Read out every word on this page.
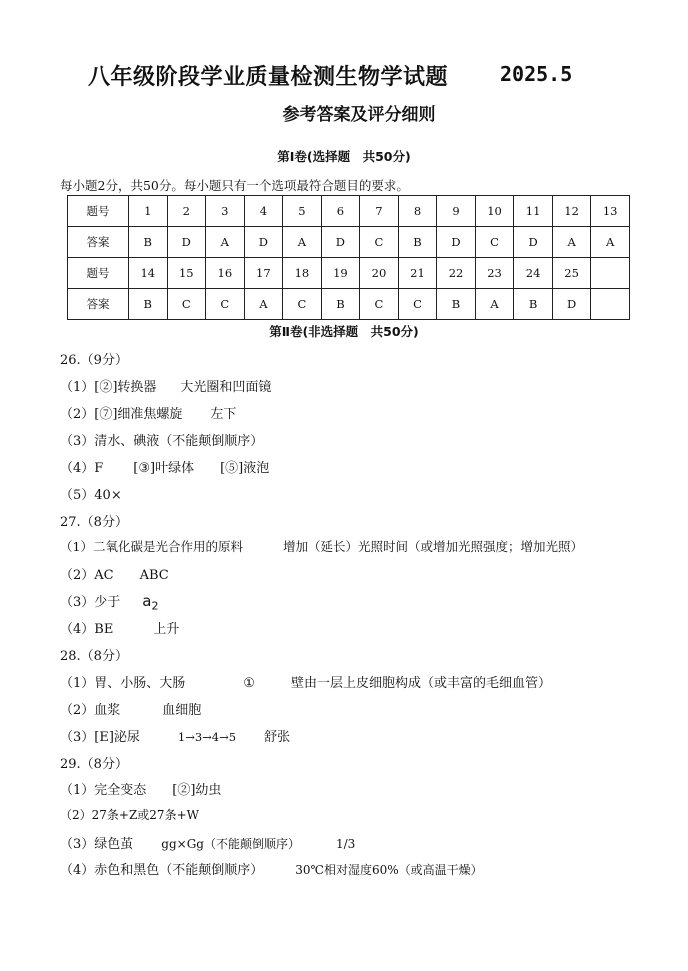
八年级阶段学业质量检测生物学试题	2025.5
参考答案及评分细则
第Ⅰ卷(选择题　共50分)
每小题2分，共50分。每小题只有一个选项最符合题目的要求。
题号	1	2	3	4	5	6	7	8	9	10	11	12	13
答案	B	D	A	D	A	D	C	B	D	C	D	A	A
题号	14	15	16	17	18	19	20	21	22	23	24	25	
答案	B	C	C	A	C	B	C	C	B	A	B	D	
第Ⅱ卷(非选择题　共50分)
26.（9分）
（1）[②]转换器 大光圈和凹面镜
（2）[⑦]细准焦螺旋 左下
（3）清水、碘液（不能颠倒顺序）
（4）F [③]叶绿体 [⑤]液泡
（5）40×
27.（8分）
（1）二氧化碳是光合作用的原料	增加（延长）光照时间（或增加光照强度；增加光照）
（2）AC ABC
（3）少于 $a_2$
（4）BE	上升
28.（8分）
（1）胃、小肠、大肠	①	壁由一层上皮细胞构成（或丰富的毛细血管）
（2）血浆	血细胞
（3）[E]泌尿	1→3→4→5 舒张
29.（8分）
（1）完全变态 [②]幼虫
（2）27条+Z或27条+W
（3）绿色茧 gg×Gg（不能颠倒顺序）	1/3
（4）赤色和黑色（不能颠倒顺序）	30℃相对湿度60%（或高温干燥）
